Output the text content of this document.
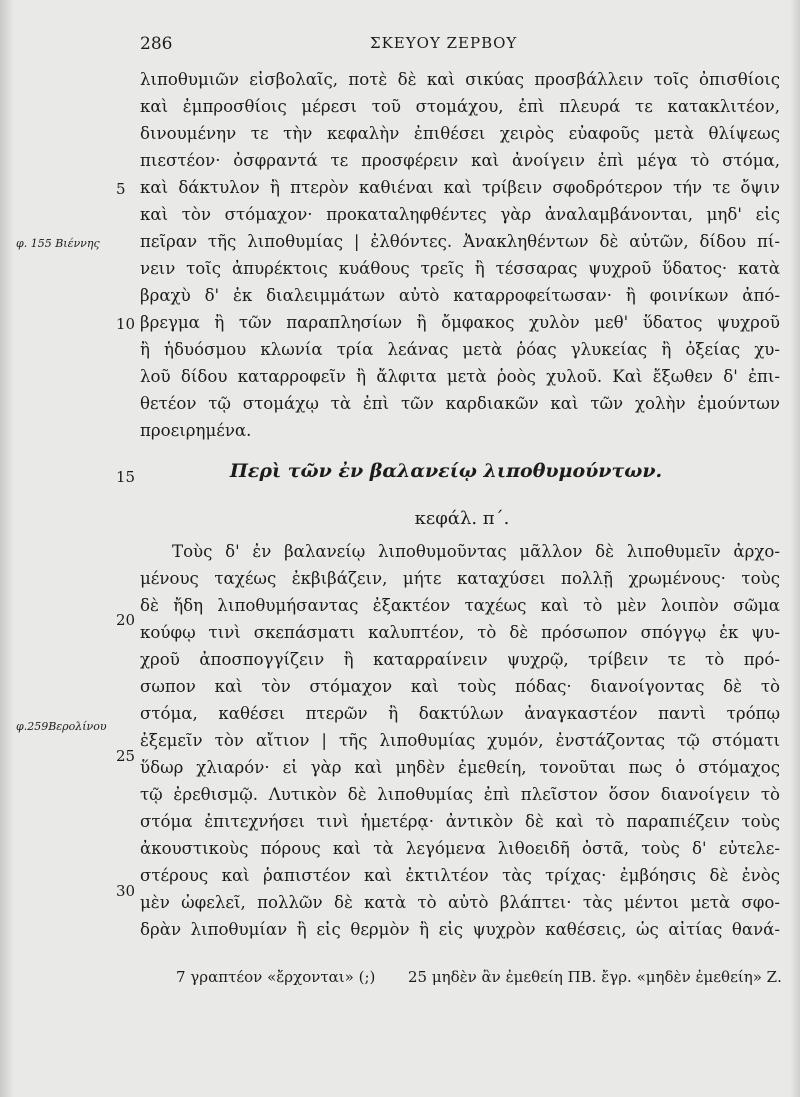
286	ΣΚΕΥΟΥ ΖΕΡΒΟΥ
λιποθυμιῶν εἰσβολαῖς, ποτὲ δὲ καὶ σικύας προσβάλλειν τοῖς ὀπισθίοις
καὶ ἐμπροσθίοις μέρεσι τοῦ στομάχου, ἐπὶ πλευρά τε κατακλιτέον,
δινουμένην τε τὴν κεφαλὴν ἐπιθέσει χειρὸς εὐαφοῦς μετὰ θλίψεως
πιεστέον· ὀσφραντά τε προσφέρειν καὶ ἀνοίγειν ἐπὶ μέγα τὸ στόμα,
καὶ δάκτυλον ἢ πτερὸν καθιέναι καὶ τρίβειν σφοδρότερον τήν τε ὄψιν
καὶ τὸν στόμαχον· προκαταληφθέντες γὰρ ἀναλαμβάνονται, μηδ' εἰς
πεῖραν τῆς λιποθυμίας | ἐλθόντες. Ἀνακληθέντων δὲ αὐτῶν, δίδου πί-
νειν τοῖς ἀπυρέκτοις κυάθους τρεῖς ἢ τέσσαρας ψυχροῦ ὕδατος· κατὰ
βραχὺ δ' ἐκ διαλειμμάτων αὐτὸ καταρροφείτωσαν· ἢ φοινίκων ἀπό-
βρεγμα ἢ τῶν παραπλησίων ἢ ὄμφακος χυλὸν μεθ' ὕδατος ψυχροῦ
ἢ ἡδυόσμου κλωνία τρία λεάνας μετὰ ῥόας γλυκείας ἢ ὀξείας χυ-
λοῦ δίδου καταρροφεῖν ἢ ἄλφιτα μετὰ ῥοὸς χυλοῦ. Καὶ ἔξωθεν δ' ἐπι-
θετέον τῷ στομάχῳ τὰ ἐπὶ τῶν καρδιακῶν καὶ τῶν χολὴν ἐμούντων
προειρημένα.
5
10
15
20
25
30
φ. 155 Βιέννης
φ.259Βερολίνου
Περὶ τῶν ἐν βαλανείῳ λιποθυμούντων.
κεφάλ. π΄.
Τοὺς δ' ἐν βαλανείῳ λιποθυμοῦντας μᾶλλον δὲ λιποθυμεῖν ἀρχο-
μένους ταχέως ἐκβιβάζειν, μήτε καταχύσει πολλῇ χρωμένους· τοὺς
δὲ ἤδη λιποθυμήσαντας ἐξακτέον ταχέως καὶ τὸ μὲν λοιπὸν σῶμα
κούφῳ τινὶ σκεπάσματι καλυπτέον, τὸ δὲ πρόσωπον σπόγγῳ ἐκ ψυ-
χροῦ ἀποσπογγίζειν ἢ καταρραίνειν ψυχρῷ, τρίβειν τε τὸ πρό-
σωπον καὶ τὸν στόμαχον καὶ τοὺς πόδας· διανοίγοντας δὲ τὸ
στόμα, καθέσει πτερῶν ἢ δακτύλων ἀναγκαστέον παντὶ τρόπῳ
ἐξεμεῖν τὸν αἴτιον | τῆς λιποθυμίας χυμόν, ἐνστάζοντας τῷ στόματι
ὕδωρ χλιαρόν· εἰ γὰρ καὶ μηδὲν ἐμεθείη, τονοῦται πως ὁ στόμαχος
τῷ ἐρεθισμῷ. Λυτικὸν δὲ λιποθυμίας ἐπὶ πλεῖστον ὅσον διανοίγειν τὸ
στόμα ἐπιτεχνήσει τινὶ ἡμετέρᾳ· ἀντικὸν δὲ καὶ τὸ παραπιέζειν τοὺς
ἀκουστικοὺς πόρους καὶ τὰ λεγόμενα λιθοειδῆ ὀστᾶ, τοὺς δ' εὐτελε-
στέρους καὶ ῥαπιστέον καὶ ἐκτιλτέον τὰς τρίχας· ἐμβόησις δὲ ἐνὸς
μὲν ὠφελεῖ, πολλῶν δὲ κατὰ τὸ αὐτὸ βλάπτει· τὰς μέντοι μετὰ σφο-
δρὰν λιποθυμίαν ἢ εἰς θερμὸν ἢ εἰς ψυχρὸν καθέσεις, ὡς αἰτίας θανά-
7 γραπτέον «ἔρχονται» (;) 25 μηδὲν ἂν ἐμεθείη ΠΒ. ἔγρ. «μηδὲν ἐμεθείη» Ζ.
